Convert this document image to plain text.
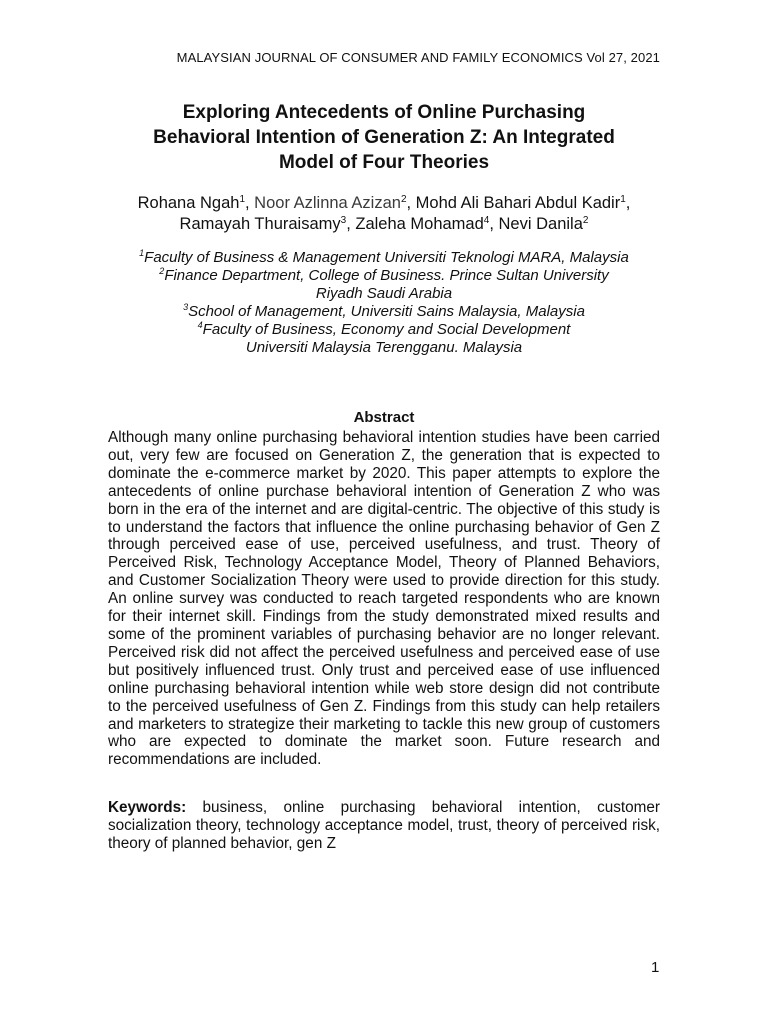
MALAYSIAN JOURNAL OF CONSUMER AND FAMILY ECONOMICS Vol 27, 2021
Exploring Antecedents of Online Purchasing
Behavioral Intention of Generation Z: An Integrated
Model of Four Theories
Rohana Ngah$^1$, Noor Azlinna Azizan$^2$, Mohd Ali Bahari Abdul Kadir$^1$,
Ramayah Thuraisamy$^3$, Zaleha Mohamad$^4$, Nevi Danila$^2$
$^1$Faculty of Business & Management Universiti Teknologi MARA, Malaysia
$^2$Finance Department, College of Business. Prince Sultan University
Riyadh Saudi Arabia
$^3$School of Management, Universiti Sains Malaysia, Malaysia
$^4$Faculty of Business, Economy and Social Development
Universiti Malaysia Terengganu. Malaysia
Abstract
Although many online purchasing behavioral intention studies have been carried out, very few are focused on Generation Z, the generation that is expected to dominate the e-commerce market by 2020. This paper attempts to explore the antecedents of online purchase behavioral intention of Generation Z who was born in the era of the internet and are digital-centric. The objective of this study is to understand the factors that influence the online purchasing behavior of Gen Z through perceived ease of use, perceived usefulness, and trust. Theory of Perceived Risk, Technology Acceptance Model, Theory of Planned Behaviors, and Customer Socialization Theory were used to provide direction for this study. An online survey was conducted to reach targeted respondents who are known for their internet skill. Findings from the study demonstrated mixed results and some of the prominent variables of purchasing behavior are no longer relevant. Perceived risk did not affect the perceived usefulness and perceived ease of use but positively influenced trust. Only trust and perceived ease of use influenced online purchasing behavioral intention while web store design did not contribute to the perceived usefulness of Gen Z. Findings from this study can help retailers and marketers to strategize their marketing to tackle this new group of customers who are expected to dominate the market soon. Future research and recommendations are included.
Keywords: business, online purchasing behavioral intention, customer socialization theory, technology acceptance model, trust, theory of perceived risk, theory of planned behavior, gen Z
1
